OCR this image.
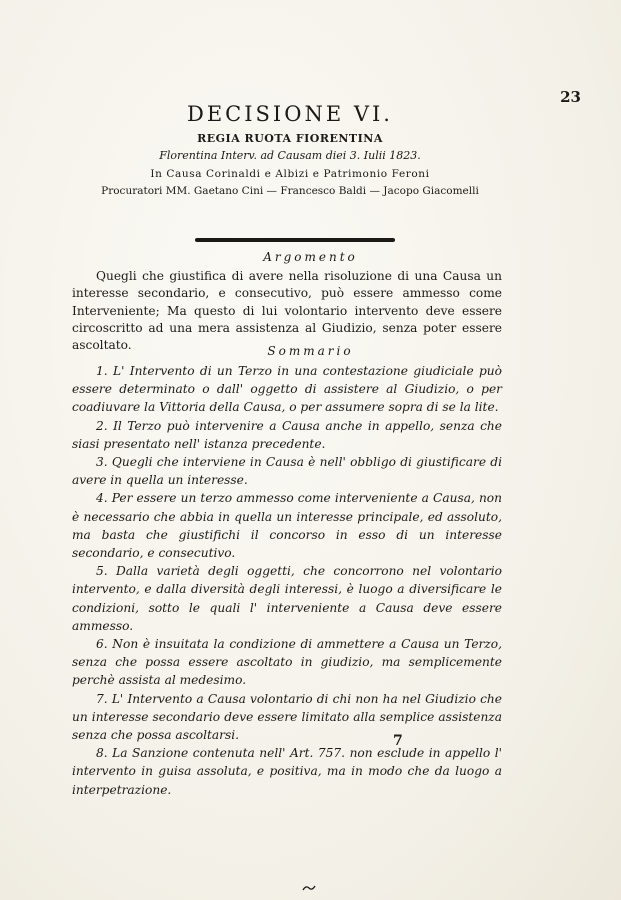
23
DECISIONE VI.
REGIA RUOTA FIORENTINA
Florentina Interv. ad Causam diei 3. Iulii 1823.
In Causa Corinaldi e Albizi e Patrimonio Feroni
Procuratori MM. Gaetano Cini — Francesco Baldi — Jacopo Giacomelli
Argomento

Quegli che giustifica di avere nella risoluzione di una Causa un interesse secondario, e consecutivo, può essere ammesso come Interveniente; Ma questo di lui volontario intervento deve essere circoscritto ad una mera assistenza al Giudizio, senza poter essere ascoltato.	Sommario
1. L' Intervento di un Terzo in una contestazione giudiciale può essere determinato o dall' oggetto di assistere al Giudizio, o per coadiuvare la Vittoria della Causa, o per assumere sopra di se la lite.
2. Il Terzo può intervenire a Causa anche in appello, senza che siasi presentato nell' istanza precedente.
3. Quegli che interviene in Causa è nell' obbligo di giustificare di avere in quella un interesse.
4. Per essere un terzo ammesso come interveniente a Causa, non è necessario che abbia in quella un interesse principale, ed assoluto, ma basta che giustifichi il concorso in esso di un interesse secondario, e consecutivo.
5. Dalla varietà degli oggetti, che concorrono nel volontario intervento, e dalla diversità degli interessi, è luogo a diversificare le condizioni, sotto le quali l' interveniente a Causa deve essere ammesso.
6. Non è insuitata la condizione di ammettere a Causa un Terzo, senza che possa essere ascoltato in giudizio, ma semplicemente perchè assista al medesimo.
7. L' Intervento a Causa volontario di chi non ha nel Giudizio che un interesse secondario deve essere limitato alla semplice assistenza senza che possa ascoltarsi.
8. La Sanzione contenuta nell' Art. 757. non esclude in appello l' intervento in guisa assoluta, e positiva, ma in modo che da luogo a interpetrazione.
7
